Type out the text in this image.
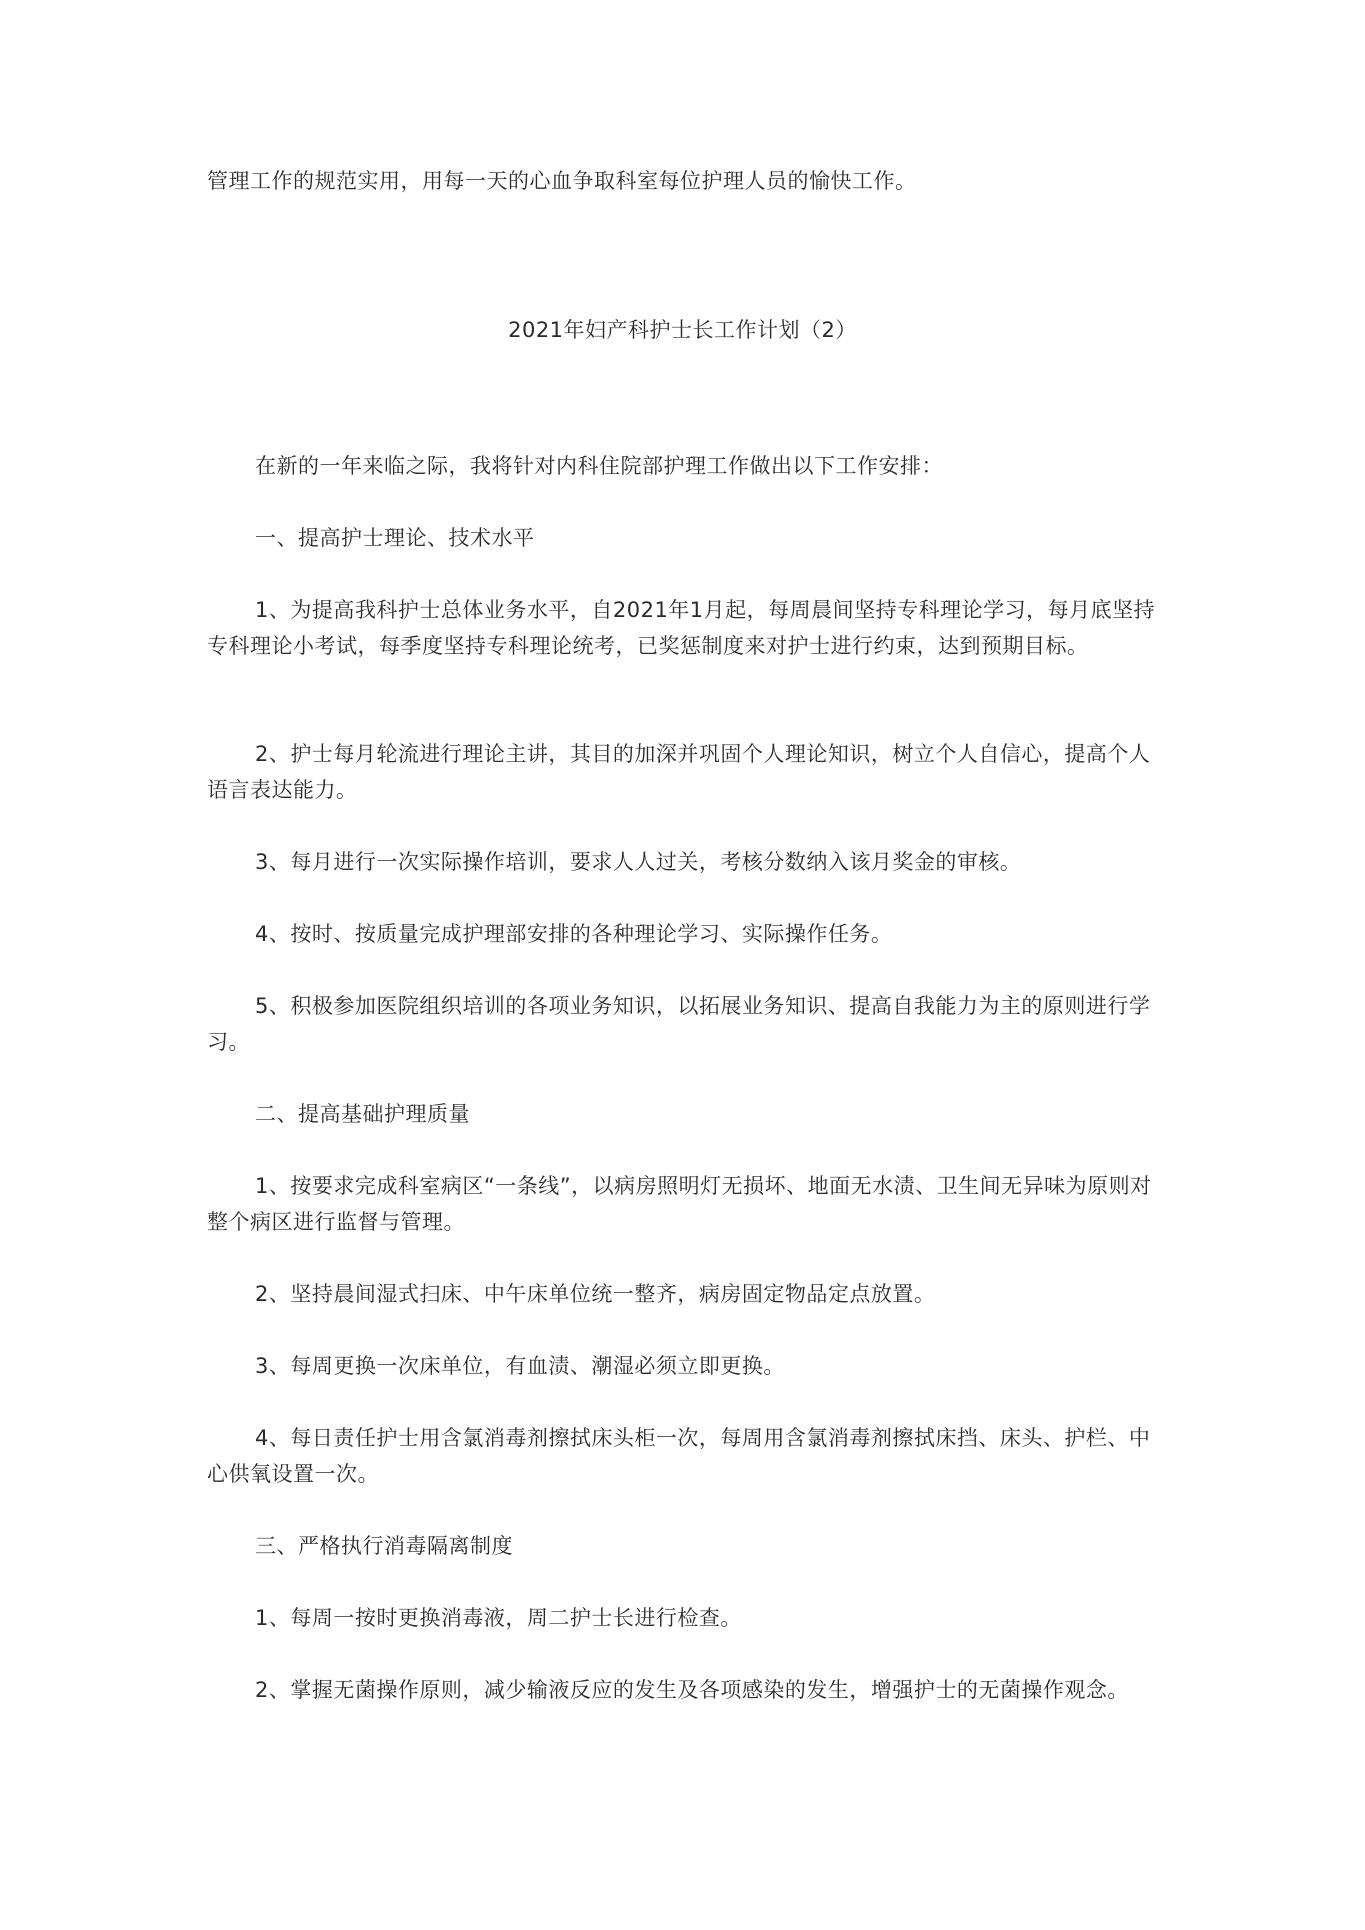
管理工作的规范实用，用每一天的心血争取科室每位护理人员的愉快工作。

2021年妇产科护士长工作计划（2）

在新的一年来临之际，我将针对内科住院部护理工作做出以下工作安排：

一、提高护士理论、技术水平

1、为提高我科护士总体业务水平，自2021年1月起，每周晨间坚持专科理论学习，每月底坚持专科理论小考试，每季度坚持专科理论统考，已奖惩制度来对护士进行约束，达到预期目标。

2、护士每月轮流进行理论主讲，其目的加深并巩固个人理论知识，树立个人自信心，提高个人语言表达能力。

3、每月进行一次实际操作培训，要求人人过关，考核分数纳入该月奖金的审核。

4、按时、按质量完成护理部安排的各种理论学习、实际操作任务。

5、积极参加医院组织培训的各项业务知识，以拓展业务知识、提高自我能力为主的原则进行学习。

二、提高基础护理质量

1、按要求完成科室病区“一条线”，以病房照明灯无损坏、地面无水渍、卫生间无异味为原则对整个病区进行监督与管理。

2、坚持晨间湿式扫床、中午床单位统一整齐，病房固定物品定点放置。

3、每周更换一次床单位，有血渍、潮湿必须立即更换。

4、每日责任护士用含氯消毒剂擦拭床头柜一次，每周用含氯消毒剂擦拭床挡、床头、护栏、中心供氧设置一次。

三、严格执行消毒隔离制度

1、每周一按时更换消毒液，周二护士长进行检查。

2、掌握无菌操作原则，减少输液反应的发生及各项感染的发生，增强护士的无菌操作观念。
